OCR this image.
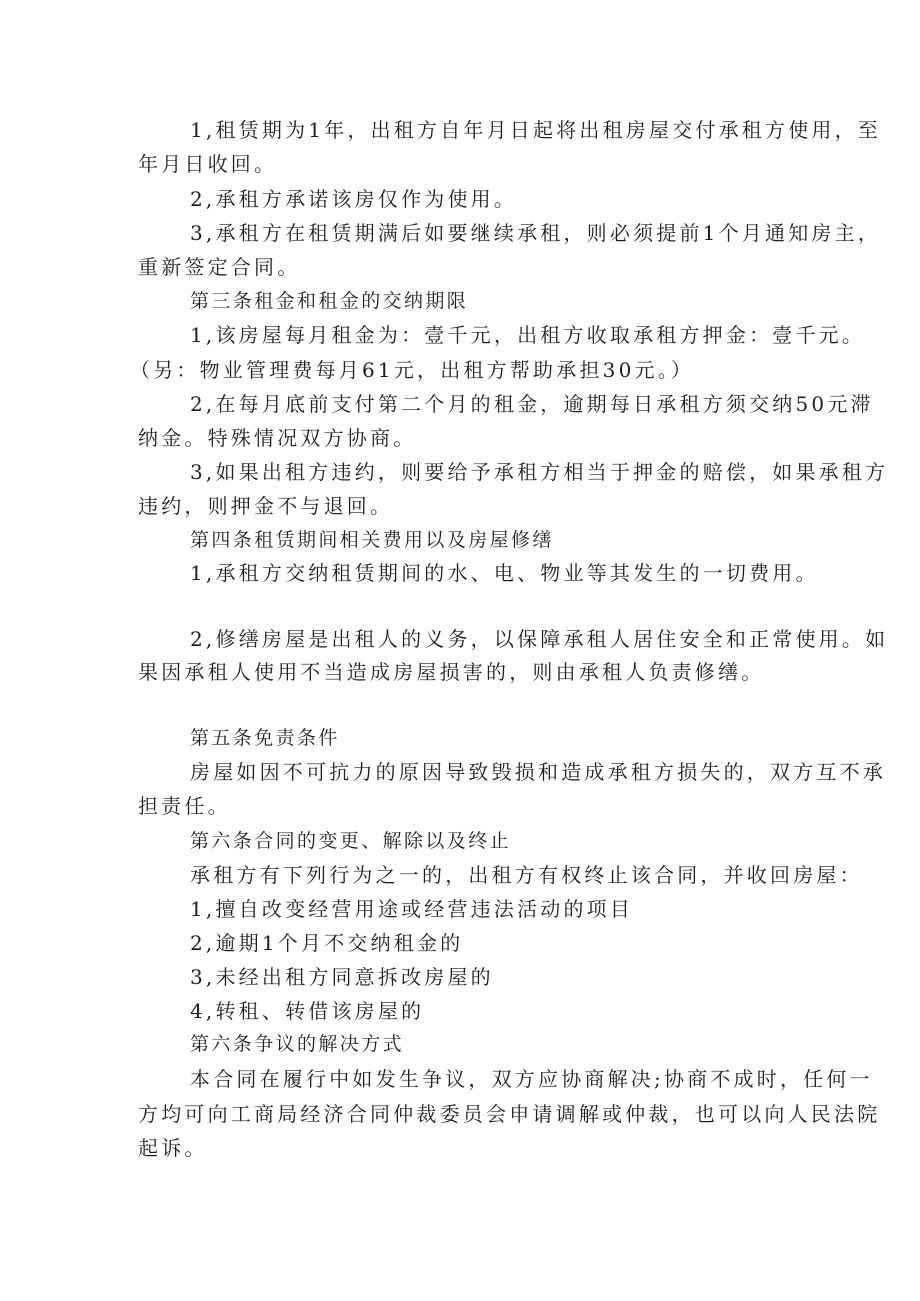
1,租赁期为1年，出租方自年月日起将出租房屋交付承租方使用，至
年月日收回。
2,承租方承诺该房仅作为使用。
3,承租方在租赁期满后如要继续承租，则必须提前1个月通知房主，
重新签定合同。
第三条租金和租金的交纳期限
1,该房屋每月租金为：壹千元，出租方收取承租方押金：壹千元。
（另：物业管理费每月61元，出租方帮助承担30元。）
2,在每月底前支付第二个月的租金，逾期每日承租方须交纳50元滞
纳金。特殊情况双方协商。
3,如果出租方违约，则要给予承租方相当于押金的赔偿，如果承租方
违约，则押金不与退回。
第四条租赁期间相关费用以及房屋修缮
1,承租方交纳租赁期间的水、电、物业等其发生的一切费用。
2,修缮房屋是出租人的义务，以保障承租人居住安全和正常使用。如
果因承租人使用不当造成房屋损害的，则由承租人负责修缮。
第五条免责条件
房屋如因不可抗力的原因导致毁损和造成承租方损失的，双方互不承
担责任。
第六条合同的变更、解除以及终止
承租方有下列行为之一的，出租方有权终止该合同，并收回房屋：
1,擅自改变经营用途或经营违法活动的项目
2,逾期1个月不交纳租金的
3,未经出租方同意拆改房屋的
4,转租、转借该房屋的
第六条争议的解决方式
本合同在履行中如发生争议，双方应协商解决;协商不成时，任何一
方均可向工商局经济合同仲裁委员会申请调解或仲裁，也可以向人民法院
起诉。
